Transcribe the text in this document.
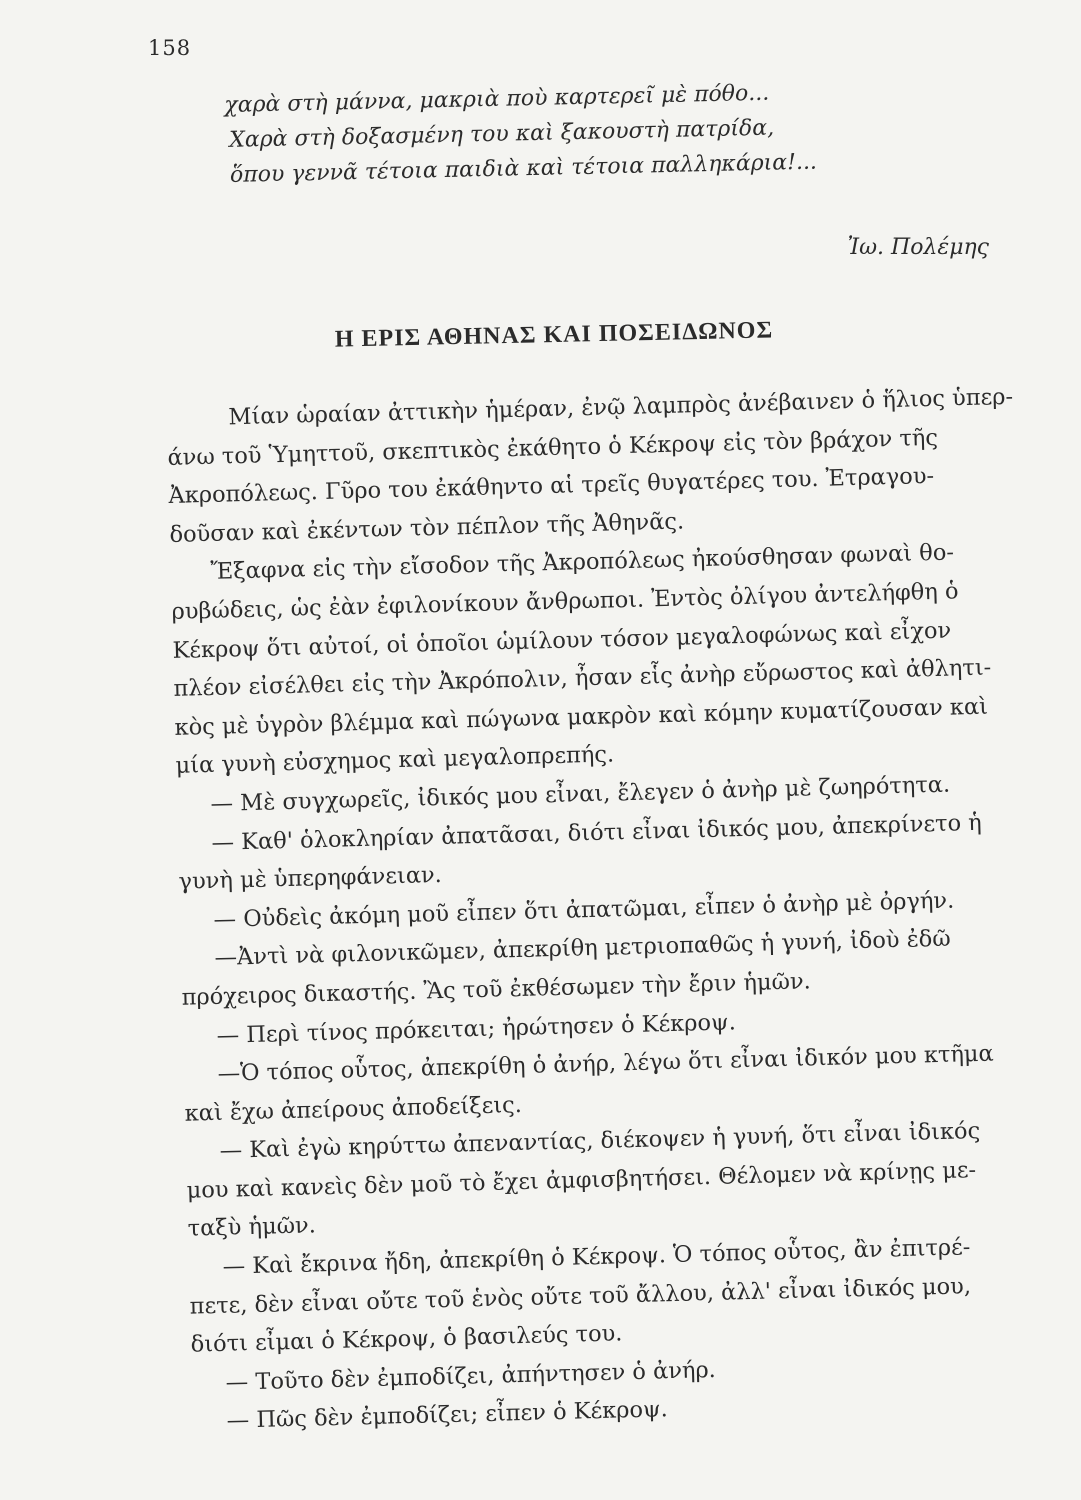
158
χαρὰ στὴ μάννα, μακριὰ ποὺ καρτερεῖ μὲ πόθο...
Χαρὰ στὴ δοξασμένη του καὶ ξακουστὴ πατρίδα,
ὅπου γεννᾶ τέτοια παιδιὰ καὶ τέτοια παλληκάρια!...
Ἰω. Πολέμης
Η ΕΡΙΣ ΑΘΗΝΑΣ ΚΑΙ ΠΟΣΕΙΔΩΝΟΣ
Μίαν ὡραίαν ἀττικὴν ἡμέραν, ἐνῷ λαμπρὸς ἀνέβαινεν ὁ ἥλιος ὑπερ-
άνω τοῦ Ὑμηττοῦ, σκεπτικὸς ἐκάθητο ὁ Κέκροψ εἰς τὸν βράχον τῆς
Ἀκροπόλεως. Γῦρο του ἐκάθηντο αἱ τρεῖς θυγατέρες του. Ἐτραγου-
δοῦσαν καὶ ἐκέντων τὸν πέπλον τῆς Ἀθηνᾶς.
Ἔξαφνα εἰς τὴν εἴσοδον τῆς Ἀκροπόλεως ἠκούσθησαν φωναὶ θο-
ρυβώδεις, ὡς ἐὰν ἐφιλονίκουν ἄνθρωποι. Ἐντὸς ὀλίγου ἀντελήφθη ὁ
Κέκροψ ὅτι αὐτοί, οἱ ὁποῖοι ὡμίλουν τόσον μεγαλοφώνως καὶ εἶχον
πλέον εἰσέλθει εἰς τὴν Ἀκρόπολιν, ἦσαν εἷς ἀνὴρ εὔρωστος καὶ ἀθλητι-
κὸς μὲ ὑγρὸν βλέμμα καὶ πώγωνα μακρὸν καὶ κόμην κυματίζουσαν καὶ
μία γυνὴ εὐσχημος καὶ μεγαλοπρεπής.
— Μὲ συγχωρεῖς, ἰδικός μου εἶναι, ἔλεγεν ὁ ἀνὴρ μὲ ζωηρότητα.
— Καθ' ὁλοκληρίαν ἀπατᾶσαι, διότι εἶναι ἰδικός μου, ἀπεκρίνετο ἡ
γυνὴ μὲ ὑπερηφάνειαν.
— Οὐδεὶς ἀκόμη μοῦ εἶπεν ὅτι ἀπατῶμαι, εἶπεν ὁ ἀνὴρ μὲ ὀργήν.
—Ἀντὶ νὰ φιλονικῶμεν, ἀπεκρίθη μετριοπαθῶς ἡ γυνή, ἰδοὺ ἐδῶ
πρόχειρος δικαστής. Ἂς τοῦ ἐκθέσωμεν τὴν ἔριν ἡμῶν.
— Περὶ τίνος πρόκειται; ἠρώτησεν ὁ Κέκροψ.
—Ὁ τόπος οὗτος, ἀπεκρίθη ὁ ἀνήρ, λέγω ὅτι εἶναι ἰδικόν μου κτῆμα
καὶ ἔχω ἀπείρους ἀποδείξεις.
— Καὶ ἐγὼ κηρύττω ἀπεναντίας, διέκοψεν ἡ γυνή, ὅτι εἶναι ἰδικός
μου καὶ κανεὶς δὲν μοῦ τὸ ἔχει ἀμφισβητήσει. Θέλομεν νὰ κρίνῃς με-
ταξὺ ἡμῶν.
— Καὶ ἔκρινα ἤδη, ἀπεκρίθη ὁ Κέκροψ. Ὁ τόπος οὗτος, ἂν ἐπιτρέ-
πετε, δὲν εἶναι οὔτε τοῦ ἑνὸς οὔτε τοῦ ἄλλου, ἀλλ' εἶναι ἰδικός μου,
διότι εἶμαι ὁ Κέκροψ, ὁ βασιλεύς του.
— Τοῦτο δὲν ἐμποδίζει, ἀπήντησεν ὁ ἀνήρ.
— Πῶς δὲν ἐμποδίζει; εἶπεν ὁ Κέκροψ.
